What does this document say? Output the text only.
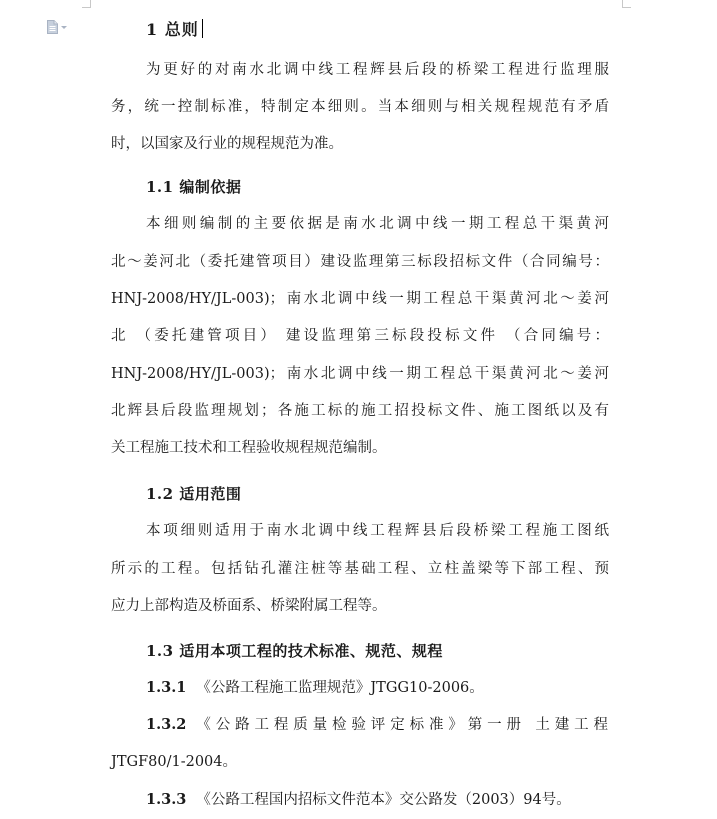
1 总则
为更好的对南水北调中线工程辉县后段的桥梁工程进行监理服
务，统一控制标准，特制定本细则。当本细则与相关规程规范有矛盾
时，以国家及行业的规程规范为准。
1.1 编制依据
本细则编制的主要依据是南水北调中线一期工程总干渠黄河
北～姜河北（委托建管项目）建设监理第三标段招标文件（合同编号：
HNJ-2008/HY/JL-003)；南水北调中线一期工程总干渠黄河北～姜河
北 （委托建管项目） 建设监理第三标段投标文件 （合同编号：
HNJ-2008/HY/JL-003)；南水北调中线一期工程总干渠黄河北～姜河
北辉县后段监理规划；各施工标的施工招投标文件、施工图纸以及有
关工程施工技术和工程验收规程规范编制。
1.2 适用范围
本项细则适用于南水北调中线工程辉县后段桥梁工程施工图纸
所示的工程。包括钻孔灌注桩等基础工程、立柱盖梁等下部工程、预
应力上部构造及桥面系、桥梁附属工程等。
1.3 适用本项工程的技术标准、规范、规程
1.3.1 《公路工程施工监理规范》JTGG10-2006。
1.3.2 《公路工程质量检验评定标准》第一册 土建工程
JTGF80/1-2004。
1.3.3 《公路工程国内招标文件范本》交公路发（2003）94号。
